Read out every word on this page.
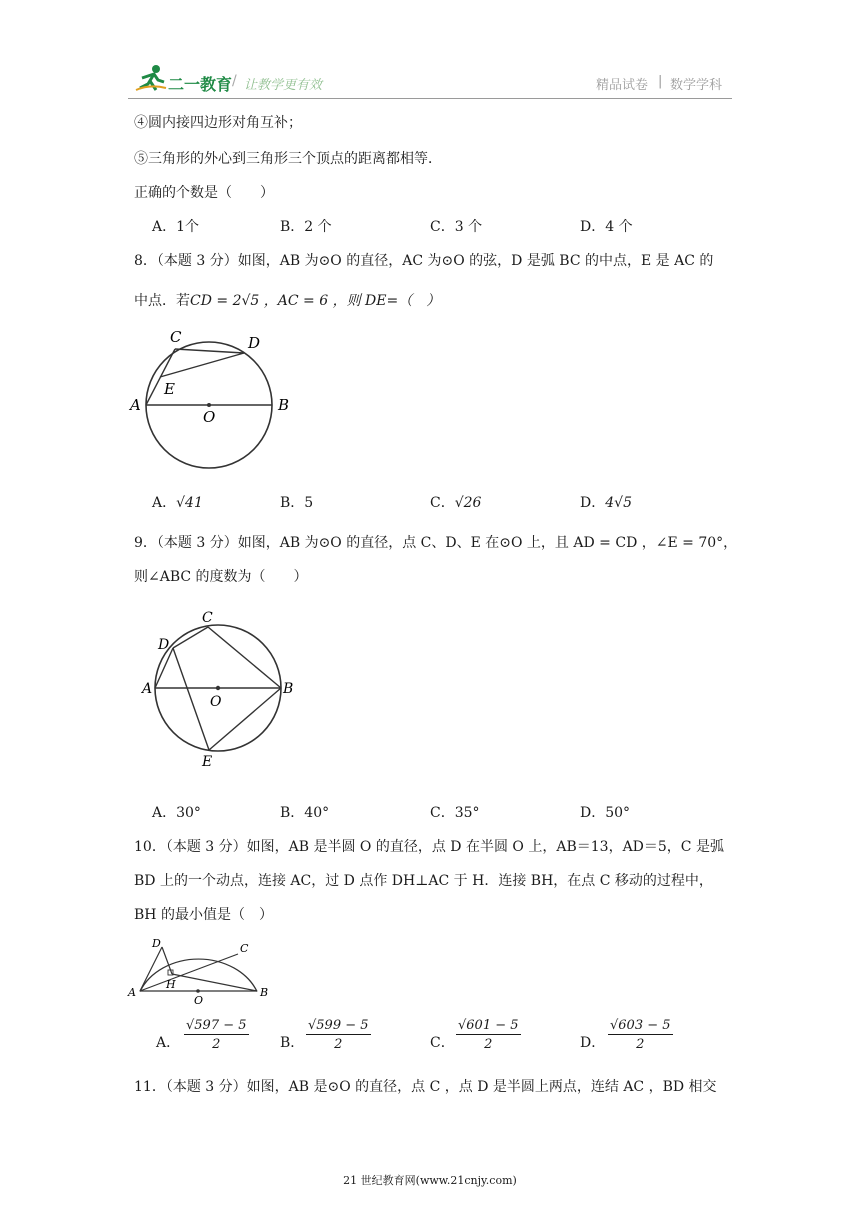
二一教育 / 让教学更有效	精品试卷 | 数学学科
④圆内接四边形对角互补；
⑤三角形的外心到三角形三个顶点的距离都相等．
正确的个数是（　　）
A．1个	B．2 个	C．3 个	D．4 个
8．（本题 3 分）如图，AB 为⊙O 的直径，AC 为⊙O 的弦，D 是弧 BC 的中点，E 是 AC 的
中点．若CD = 2√5 ，AC = 6 ，则 DE=（　）
A	B
C	D
E
O
A．√41	B．5	C．√26	D．4√5
9．（本题 3 分）如图，AB 为⊙O 的直径，点 C、D、E 在⊙O 上，且 AD = CD ，∠E = 70°，
则∠ABC 的度数为（　　）
A	B
C
D
E
O
A．30°	B．40°	C．35°	D．50°
10．（本题 3 分）如图，AB 是半圆 O 的直径，点 D 在半圆 O 上，AB＝13，AD＝5，C 是弧
BD 上的一个动点，连接 AC，过 D 点作 DH⊥AC 于 H．连接 BH，在点 C 移动的过程中，
BH 的最小值是（　）
A	B
C
D
H
O
A． $\frac{√597 - 5}{2}$ B． $\frac{√599 - 5}{2}$	C． $\frac{√601 - 5}{2}$	D． $\frac{√603 - 5}{2}$
11．（本题 3 分）如图，AB 是⊙O 的直径，点 C ，点 D 是半圆上两点，连结 AC ，BD 相交
21 世纪教育网(www.21cnjy.com)
